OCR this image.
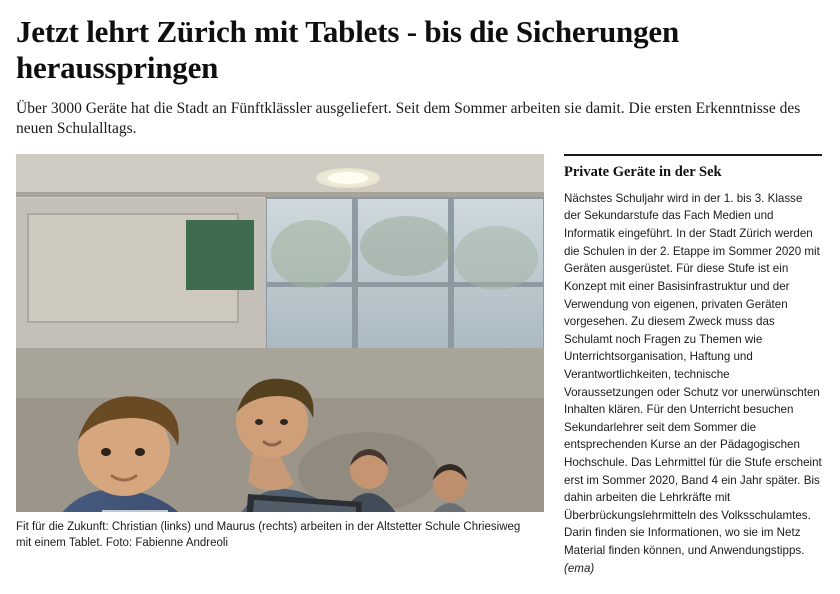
Jetzt lehrt Zürich mit Tablets - bis die Sicherungen herausspringen

Über 3000 Geräte hat die Stadt an Fünftklässler ausgeliefert. Seit dem Sommer arbeiten sie damit. Die ersten Erkenntnisse des neuen Schulalltags.

Fit für die Zukunft: Christian (links) und Maurus (rechts) arbeiten in der Altstetter Schule Chriesiweg mit einem Tablet. Foto: Fabienne Andreoli

Private Geräte in der Sek
Nächstes Schuljahr wird in der 1. bis 3. Klasse der Sekundarstufe das Fach Medien und Informatik eingeführt. In der Stadt Zürich werden die Schulen in der 2. Etappe im Sommer 2020 mit Geräten ausgerüstet. Für diese Stufe ist ein Konzept mit einer Basisinfrastruktur und der Verwendung von eigenen, privaten Geräten vorgesehen. Zu diesem Zweck muss das Schulamt noch Fragen zu Themen wie Unterrichtsorganisation, Haftung und Verantwortlichkeiten, technische Voraussetzungen oder Schutz vor unerwünschten Inhalten klären. Für den Unterricht besuchen Sekundarlehrer seit dem Sommer die entsprechenden Kurse an der Pädagogischen Hochschule. Das Lehrmittel für die Stufe erscheint erst im Sommer 2020, Band 4 ein Jahr später. Bis dahin arbeiten die Lehrkräfte mit Überbrückungslehrmitteln des Volksschulamtes. Darin finden sie Informationen, wo sie im Netz Material finden können, und Anwendungstipps. (ema)
